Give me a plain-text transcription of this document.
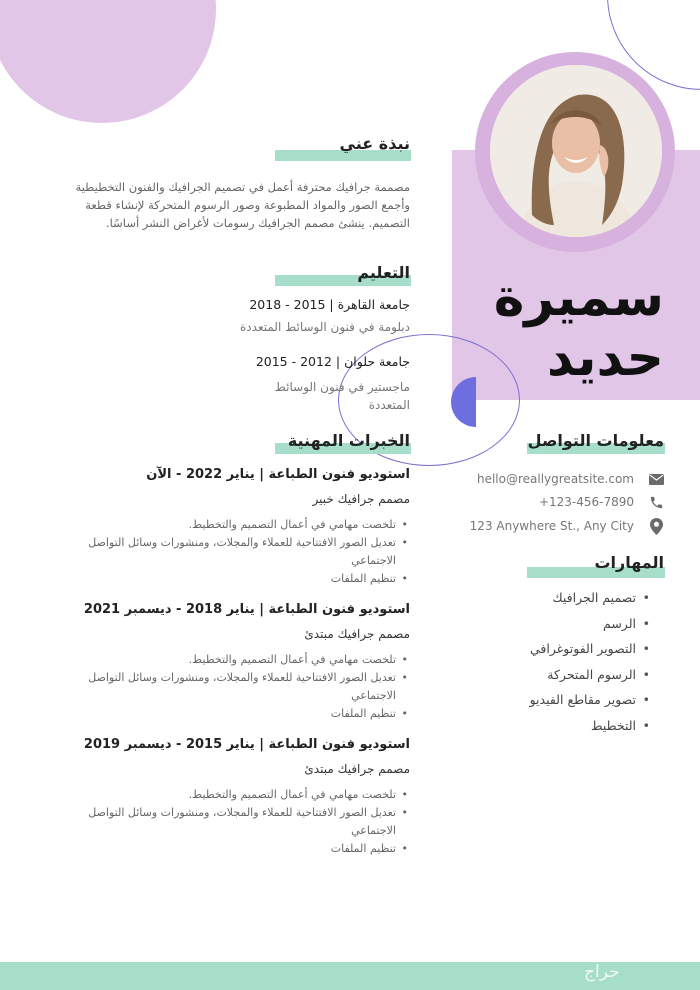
سميرة
حديد
نبذة عني
مصممة جرافيك محترفة أعمل في تصميم الجرافيك والفنون التخطيطية وأجمع الصور والمواد المطبوعة وصور الرسوم المتحركة لإنشاء قطعة التصميم. ينشئ مصمم الجرافيك رسومات لأغراض النشر أساسًا.
التعليم
جامعة القاهرة | 2015 - 2018
دبلومة في فنون الوسائط المتعددة
جامعة حلوان | 2012 - 2015
ماجستير في فنون الوسائط المتعددة
الخبرات المهنية
استوديو فنون الطباعة | يناير 2022 - الآن
مصمم جرافيك خبير
• تلخصت مهامي في أعمال التصميم والتخطيط.
• تعديل الصور الافتتاحية للعملاء والمجلات، ومنشورات وسائل التواصل الاجتماعي
• تنظيم الملفات
استوديو فنون الطباعة | يناير 2018 - ديسمبر 2021
مصمم جرافيك مبتدئ
• تلخصت مهامي في أعمال التصميم والتخطيط.
• تعديل الصور الافتتاحية للعملاء والمجلات، ومنشورات وسائل التواصل الاجتماعي
• تنظيم الملفات
استوديو فنون الطباعة | يناير 2015 - ديسمبر 2019
مصمم جرافيك مبتدئ
• تلخصت مهامي في أعمال التصميم والتخطيط.
• تعديل الصور الافتتاحية للعملاء والمجلات، ومنشورات وسائل التواصل الاجتماعي
• تنظيم الملفات
معلومات التواصل
hello@reallygreatsite.com
+123-456-7890
123 Anywhere St., Any City
المهارات
• تصميم الجرافيك
• الرسم
• التصوير الفوتوغرافي
• الرسوم المتحركة
• تصوير مقاطع الفيديو
• التخطيط
حراج
